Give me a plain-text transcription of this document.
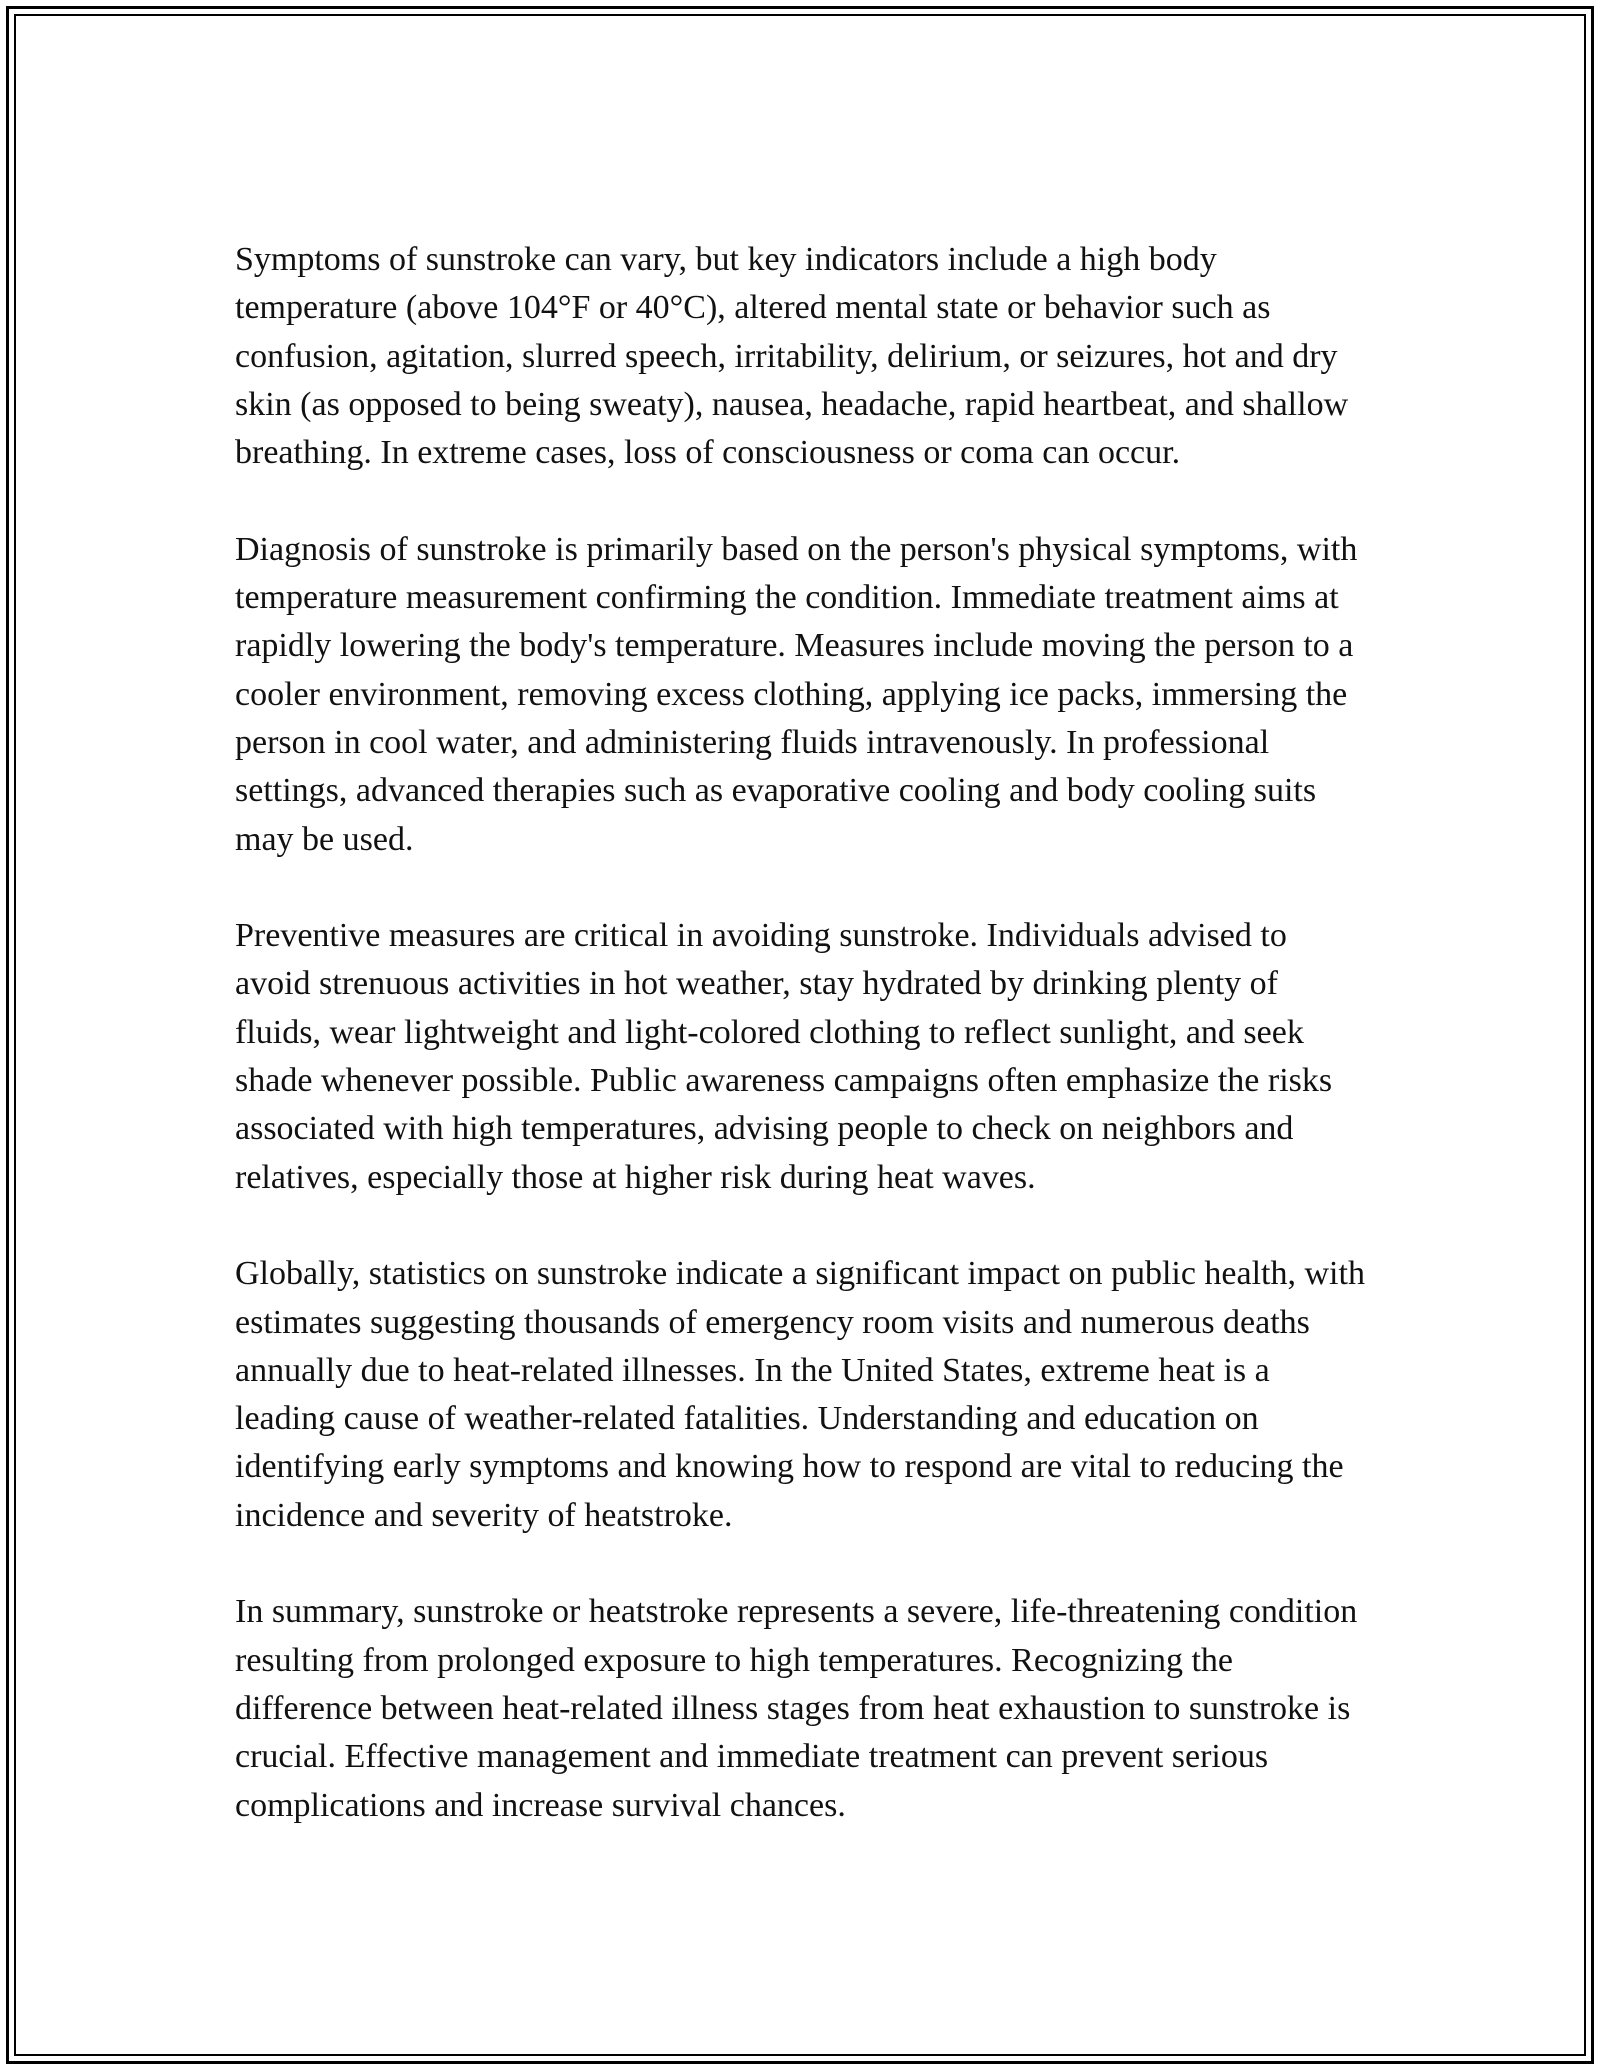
Symptoms of sunstroke can vary, but key indicators include a high body temperature (above 104°F or 40°C), altered mental state or behavior such as confusion, agitation, slurred speech, irritability, delirium, or seizures, hot and dry skin (as opposed to being sweaty), nausea, headache, rapid heartbeat, and shallow breathing. In extreme cases, loss of consciousness or coma can occur.

Diagnosis of sunstroke is primarily based on the person's physical symptoms, with temperature measurement confirming the condition. Immediate treatment aims at rapidly lowering the body's temperature. Measures include moving the person to a cooler environment, removing excess clothing, applying ice packs, immersing the person in cool water, and administering fluids intravenously. In professional settings, advanced therapies such as evaporative cooling and body cooling suits may be used.

Preventive measures are critical in avoiding sunstroke. Individuals advised to avoid strenuous activities in hot weather, stay hydrated by drinking plenty of fluids, wear lightweight and light-colored clothing to reflect sunlight, and seek shade whenever possible. Public awareness campaigns often emphasize the risks associated with high temperatures, advising people to check on neighbors and relatives, especially those at higher risk during heat waves.

Globally, statistics on sunstroke indicate a significant impact on public health, with estimates suggesting thousands of emergency room visits and numerous deaths annually due to heat-related illnesses. In the United States, extreme heat is a leading cause of weather-related fatalities. Understanding and education on identifying early symptoms and knowing how to respond are vital to reducing the incidence and severity of heatstroke.

In summary, sunstroke or heatstroke represents a severe, life-threatening condition resulting from prolonged exposure to high temperatures. Recognizing the difference between heat-related illness stages from heat exhaustion to sunstroke is crucial. Effective management and immediate treatment can prevent serious complications and increase survival chances.
